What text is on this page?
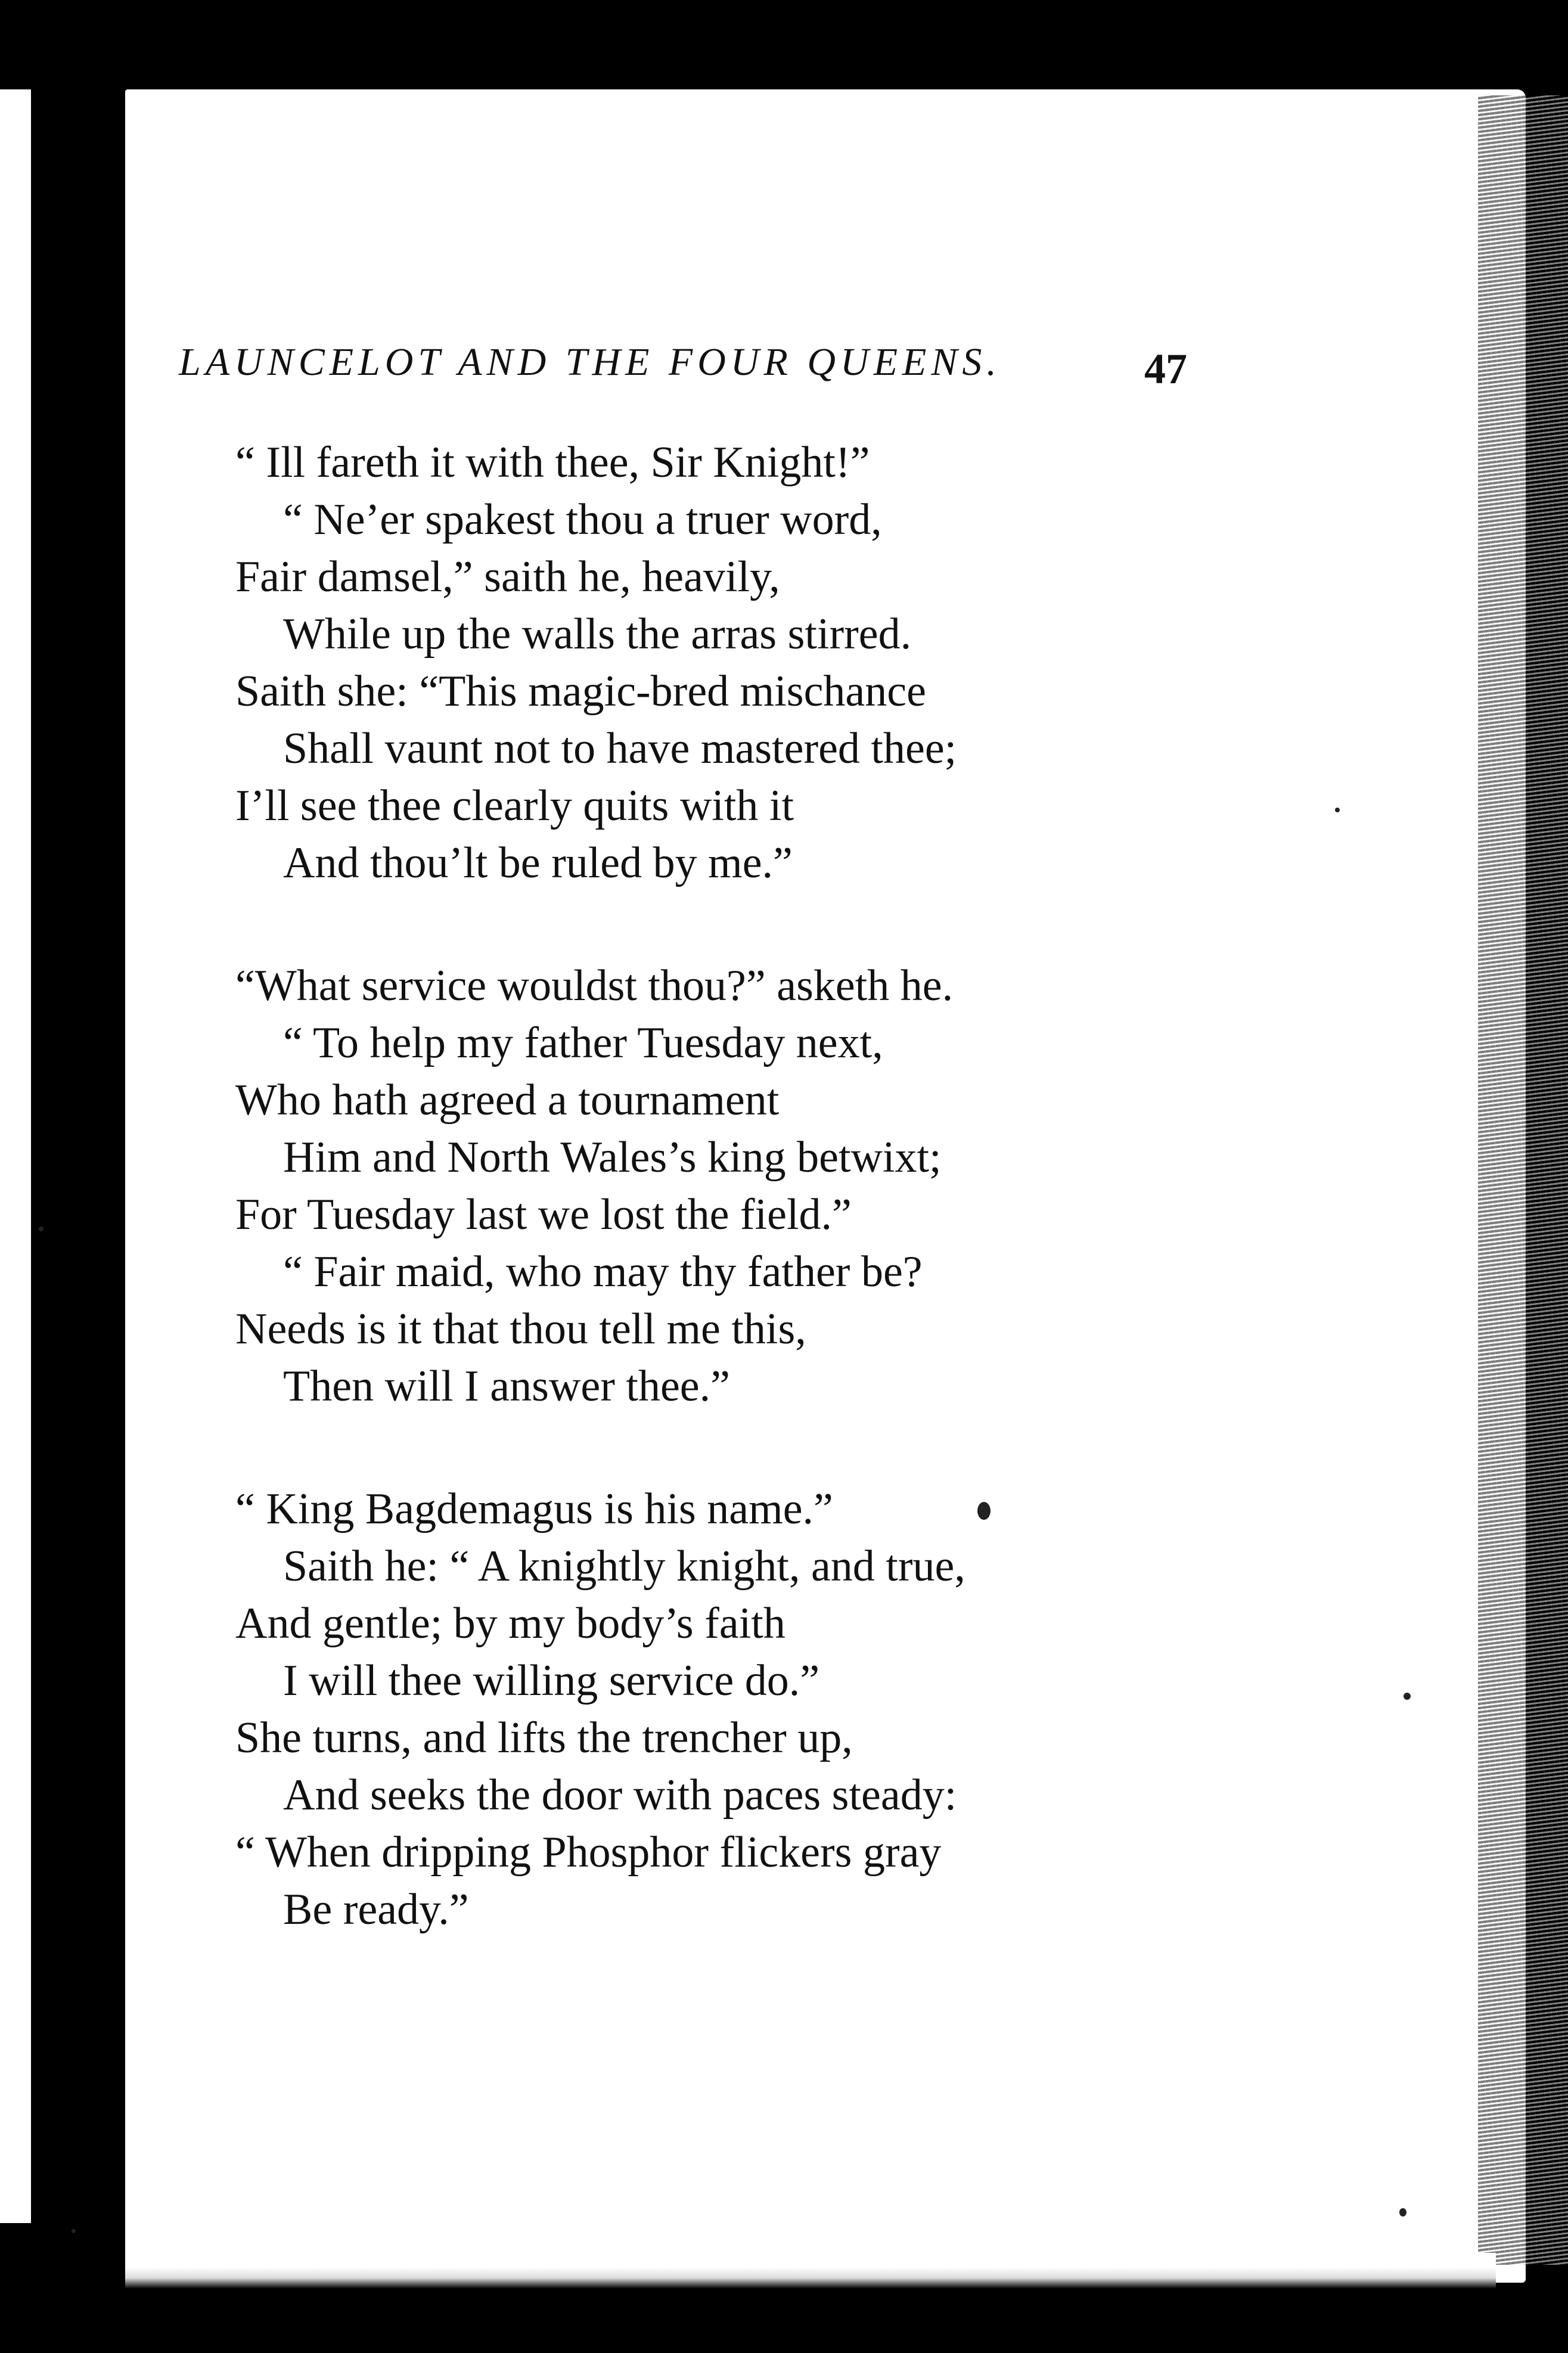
LAUNCELOT AND THE FOUR QUEENS.	47
“ Ill fareth it with thee, Sir Knight!”
“ Ne’er spakest thou a truer word,
Fair damsel,” saith he, heavily,
While up the walls the arras stirred.
Saith she: “This magic-bred mischance
Shall vaunt not to have mastered thee;
I’ll see thee clearly quits with it
And thou’lt be ruled by me.”
“What service wouldst thou?” asketh he.
“ To help my father Tuesday next,
Who hath agreed a tournament
Him and North Wales’s king betwixt;
For Tuesday last we lost the field.”
“ Fair maid, who may thy father be?
Needs is it that thou tell me this,
Then will I answer thee.”
“ King Bagdemagus is his name.”
Saith he: “ A knightly knight, and true,
And gentle; by my body’s faith
I will thee willing service do.”
She turns, and lifts the trencher up,
And seeks the door with paces steady:
“ When dripping Phosphor flickers gray
Be ready.”
